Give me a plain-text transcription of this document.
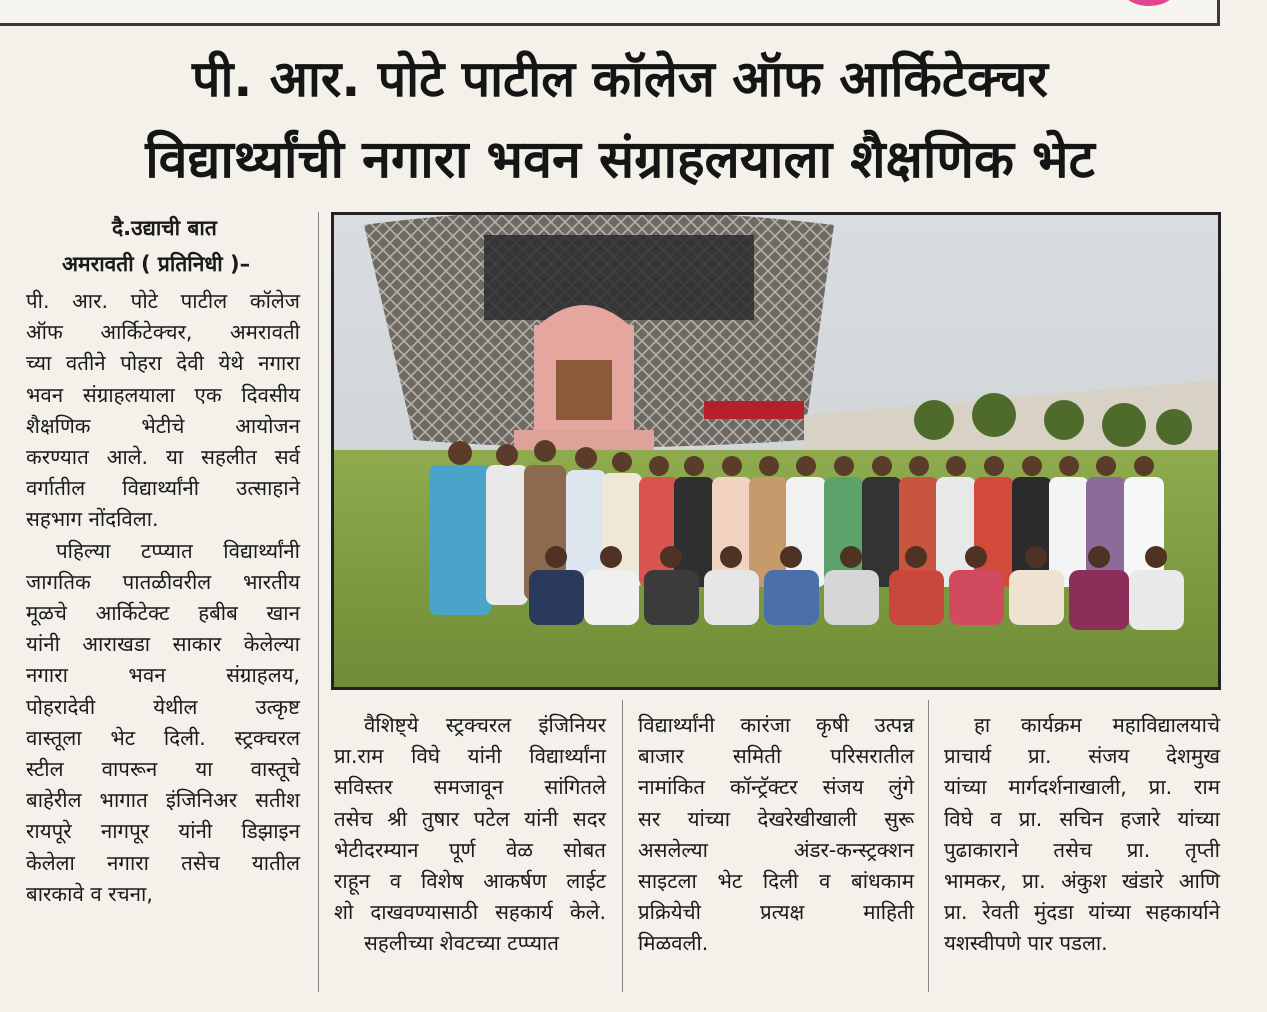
पी. आर. पोटे पाटील कॉलेज ऑफ आर्किटेक्चर
विद्यार्थ्यांची नगारा भवन संग्राहलयाला शैक्षणिक भेट
दै.उद्याची बात
अमरावती ( प्रतिनिधी )–
पी. आर. पोटे पाटील कॉलेज
ऑफ आर्किटेक्चर, अमरावती
च्या वतीने पोहरा देवी येथे नगारा
भवन संग्राहलयाला एक दिवसीय
शैक्षणिक भेटीचे आयोजन
करण्यात आले. या सहलीत सर्व
वर्गातील विद्यार्थ्यांनी उत्साहाने
सहभाग नोंदविला.
पहिल्या टप्प्यात विद्यार्थ्यांनी
जागतिक पातळीवरील भारतीय
मूळचे आर्किटेक्ट हबीब खान
यांनी आराखडा साकार केलेल्या
नगारा भवन संग्राहलय,
पोहरादेवी येथील उत्कृष्ट
वास्तूला भेट दिली. स्ट्रक्चरल
स्टील वापरून या वास्तूचे
बाहेरील भागात इंजिनिअर सतीश
रायपूरे नागपूर यांनी डिझाइन
केलेला नगारा तसेच यातील
बारकावे व रचना,
वैशिष्ट्ये स्ट्रक्चरल इंजिनियर
प्रा.राम विघे यांनी विद्यार्थ्यांना
सविस्तर समजावून सांगितले
तसेच श्री तुषार पटेल यांनी सदर
भेटीदरम्यान पूर्ण वेळ सोबत
राहून व विशेष आकर्षण लाईट
शो दाखवण्यासाठी सहकार्य केले.
सहलीच्या शेवटच्या टप्प्यात
विद्यार्थ्यांनी कारंजा कृषी उत्पन्न
बाजार समिती परिसरातील
नामांकित कॉन्ट्रॅक्टर संजय लुंगे
सर यांच्या देखरेखीखाली सुरू
असलेल्या अंडर-कन्स्ट्रक्शन
साइटला भेट दिली व बांधकाम
प्रक्रियेची प्रत्यक्ष माहिती
मिळवली.
हा कार्यक्रम महाविद्यालयाचे
प्राचार्य प्रा. संजय देशमुख
यांच्या मार्गदर्शनाखाली, प्रा. राम
विघे व प्रा. सचिन हजारे यांच्या
पुढाकाराने तसेच प्रा. तृप्ती
भामकर, प्रा. अंकुश खंडारे आणि
प्रा. रेवती मुंदडा यांच्या सहकार्याने
यशस्वीपणे पार पडला.
